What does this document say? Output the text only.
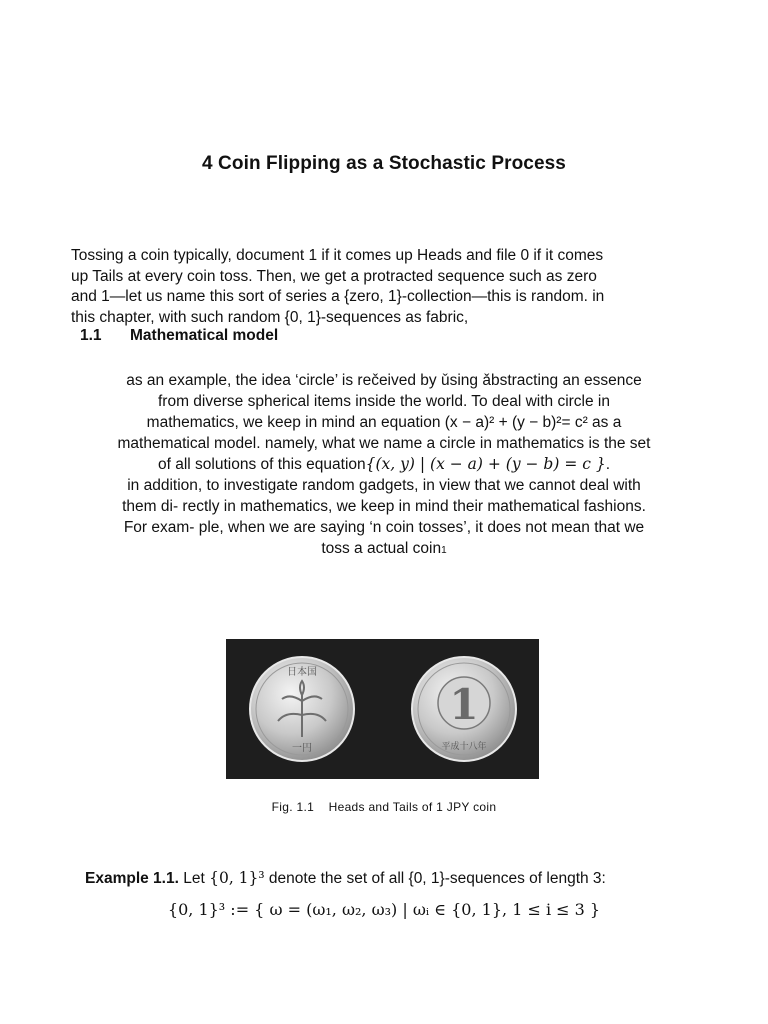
4 Coin Flipping as a Stochastic Process
Tossing a coin typically, document 1 if it comes up Heads and file 0 if it comes
up Tails at every coin toss. Then, we get a protracted sequence such as zero
and 1—let us name this sort of series a {zero, 1}-collection—this is random. in
this chapter, with such random {0, 1}-sequences as fabric,
1.1 Mathematical model
as an example, the idea ‘circle’ is rečeived by ǔsing ǎbstracting an essence
from diverse spherical items inside the world. To deal with circle in
mathematics, we keep in mind an equation (x − a)² + (y − b)²= c² as a
mathematical model. namely, what we name a circle in mathematics is the set
of all solutions of this equation{(x, y) | (x − a) + (y − b) = c }.
in addition, to investigate random gadgets, in view that we cannot deal with
them di- rectly in mathematics, we keep in mind their mathematical fashions.
For exam- ple, when we are saying ‘n coin tosses’, it does not mean that we
toss a actual coin1
日本国
一円
1
平成十八年
Fig. 1.1    Heads and Tails of 1 JPY coin
Example 1.1. Let {0, 1}³ denote the set of all {0, 1}-sequences of length 3:
{0, 1}³ := { ω = (ω₁, ω₂, ω₃) | ωᵢ ∈ {0, 1}, 1 ≤ i ≤ 3 }
